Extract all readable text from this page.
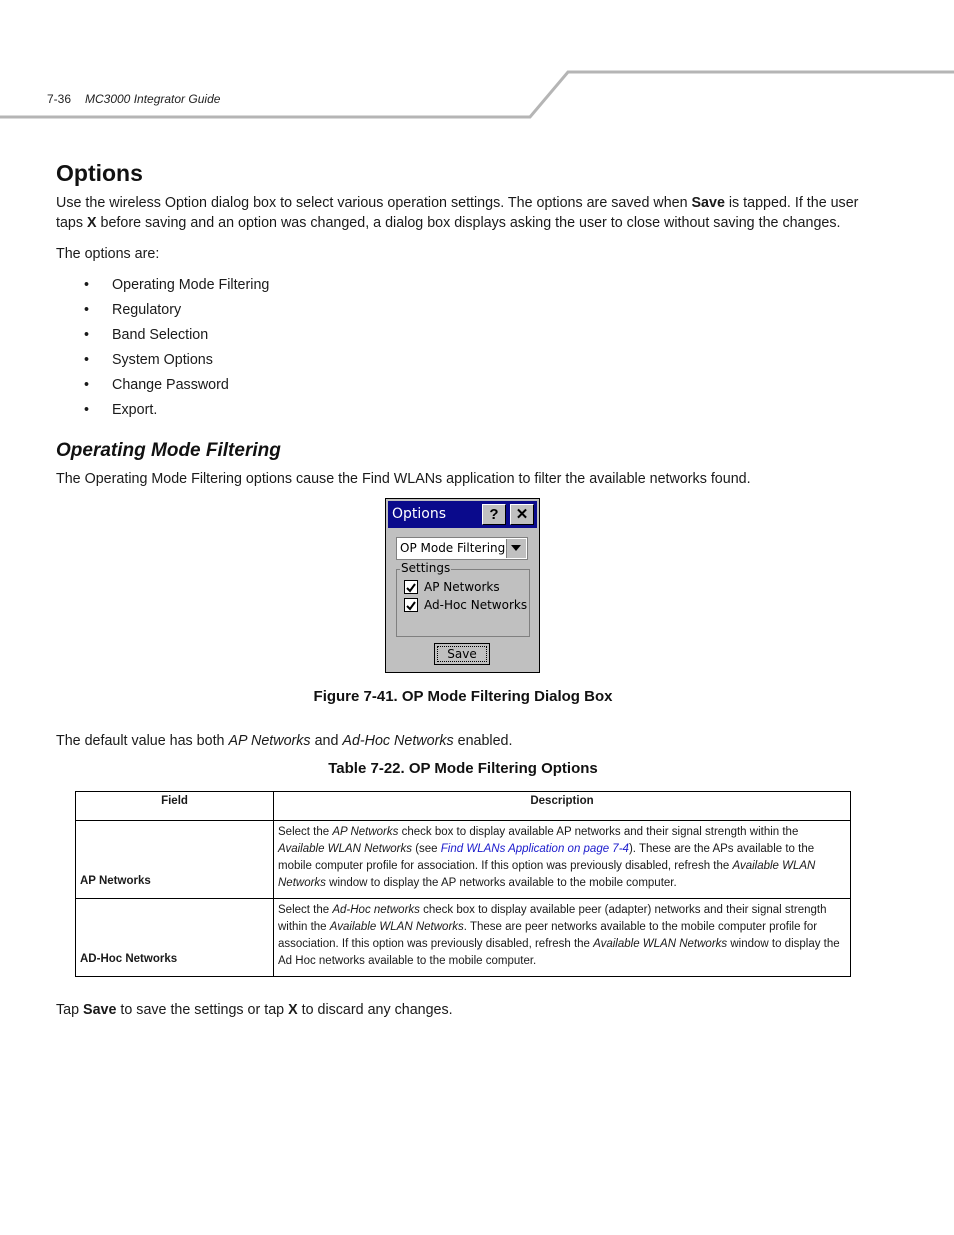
7-36 MC3000 Integrator Guide
Options

Use the wireless Option dialog box to select various operation settings. The options are saved when Save is tapped. If the user taps X before saving and an option was changed, a dialog box displays asking the user to close without saving the changes.

The options are:

• Operating Mode Filtering
• Regulatory
• Band Selection
• System Options
• Change Password
• Export.
Operating Mode Filtering

The Operating Mode Filtering options cause the Find WLANs application to filter the available networks found.

Options	?	✕
OP Mode Filtering
Settings
AP Networks
Ad-Hoc Networks
Save
Figure 7-41. OP Mode Filtering Dialog Box

The default value has both AP Networks and Ad-Hoc Networks enabled.

Table 7-22. OP Mode Filtering Options
Field	Description
AP Networks	Select the AP Networks check box to display available AP networks and their signal strength within the Available WLAN Networks (see Find WLANs Application on page 7-4). These are the APs available to the mobile computer profile for association. If this option was previously disabled, refresh the Available WLAN Networks window to display the AP networks available to the mobile computer.
AD-Hoc Networks	Select the Ad-Hoc networks check box to display available peer (adapter) networks and their signal strength within the Available WLAN Networks. These are peer networks available to the mobile computer profile for association. If this option was previously disabled, refresh the Available WLAN Networks window to display the Ad Hoc networks available to the mobile computer.

Tap Save to save the settings or tap X to discard any changes.
